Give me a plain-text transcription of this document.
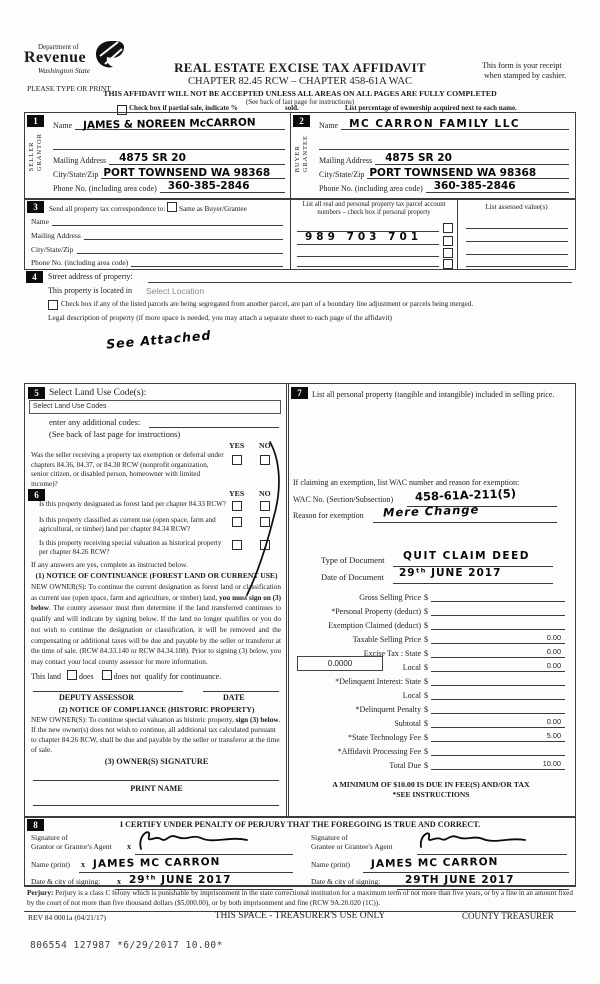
Department of
Revenue
Washington State	REAL ESTATE EXCISE TAX AFFIDAVIT
CHAPTER 82.45 RCW – CHAPTER 458-61A WAC
This form is your receipt
when stamped by cashier.
PLEASE TYPE OR PRINT
THIS AFFIDAVIT WILL NOT BE ACCEPTED UNLESS ALL AREAS ON ALL PAGES ARE FULLY COMPLETED
(See back of last page for instructions)
Check box if partial sale, indicate %	sold.	List percentage of ownership acquired next to each name.
1
SELLER GRANTOR
Name JAMES & NOREEN McCARRON
Mailing Address 4875 SR 20
City/State/Zip PORT TOWNSEND WA 98368
Phone No. (including area code) 360-385-2846
2
BUYER GRANTEE
Name MC CARRON FAMILY LLC
Mailing Address 4875 SR 20
City/State/Zip PORT TOWNSEND WA 98368
Phone No. (including area code) 360-385-2846
3	Send all property tax correspondence to: Same as Buyer/Grantee
Name
Mailing Address
City/State/Zip
Phone No. (including area code)
List all real and personal property tax parcel account numbers – check box if personal property
989 703 701
List assessed value(s)
4	Street address of property:
This property is located in Select Location
Check box if any of the listed parcels are being segregated from another parcel, are part of a boundary line adjustment or parcels being merged.
Legal description of property (if more space is needed, you may attach a separate sheet to each page of the affidavit)
See Attached
5	Select Land Use Code(s):
Select Land Use Codes
enter any additional codes:
(See back of last page for instructions)
YES NO
Was the seller receiving a property tax exemption or deferral under chapters 84.36, 84.37, or 84.38 RCW (nonprofit organization, senior citizen, or disabled person, homeowner with limited income)?
6	YES NO
Is this property designated as forest land per chapter 84.33 RCW?
Is this property classified as current use (open space, farm and agricultural, or timber) land per chapter 84.34 RCW?
Is this property receiving special valuation as historical property per chapter 84.26 RCW?
If any answers are yes, complete as instructed below.
(1) NOTICE OF CONTINUANCE (FOREST LAND OR CURRENT USE)

NEW OWNER(S): To continue the current designation as forest land or classification as current use (open space, farm and agriculture, or timber) land, you must sign on (3) below. The county assessor must then determine if the land transferred continues to qualify and will indicate by signing below. If the land no longer qualifies or you do not wish to continue the designation or classification, it will be removed and the compensating or additional taxes will be due and payable by the seller or transferor at the time of sale. (RCW 84.33.140 or RCW 84.34.108). Prior to signing (3) below, you may contact your local county assessor for more information.

This land does	does not qualify for continuance.
DEPUTY ASSESSOR	DATE
(2) NOTICE OF COMPLIANCE (HISTORIC PROPERTY)

NEW OWNER(S): To continue special valuation as historic property, sign (3) below. If the new owner(s) does not wish to continue, all additional tax calculated pursuant to chapter 84.26 RCW, shall be due and payable by the seller or transferor at the time of sale.

(3) OWNER(S) SIGNATURE
PRINT NAME
7	List all personal property (tangible and intangible) included in selling price.
If claiming an exemption, list WAC number and reason for exemption:
WAC No. (Section/Subsection) 458-61A-211(5)
Reason for exemption Mere Change
Type of Document QUIT CLAIM DEED
Date of Document 29ᵗʰ JUNE 2017
Gross Selling Price $
*Personal Property (deduct) $
Exemption Claimed (deduct) $
Taxable Selling Price $	0.00
Excise Tax : State $	0.00
0.0000	Local $	0.00
*Delinquent Interest: State $
Local $
*Delinquent Penalty $
Subtotal $	0.00
*State Technology Fee $	5.00
*Affidavit Processing Fee $
Total Due $	10.00
A MINIMUM OF $10.00 IS DUE IN FEE(S) AND/OR TAX
*SEE INSTRUCTIONS
8	I CERTIFY UNDER PENALTY OF PERJURY THAT THE FOREGOING IS TRUE AND CORRECT.
Signature of
Grantor or Grantor's Agent x
Name (print) x JAMES MC CARRON
Date & city of signing: x 29ᵗʰ JUNE 2017
Signature of
Grantee or Grantee's Agent
Name (print) JAMES MC CARRON
Date & city of signing: 29TH JUNE 2017

Perjury: Perjury is a class C felony which is punishable by imprisonment in the state correctional institution for a maximum term of not more than five years, or by a fine in an amount fixed by the court of not more than five thousand dollars ($5,000.00), or by both imprisonment and fine (RCW 9A.20.020 (1C)).

REV 84 0001a (04/21/17)	THIS SPACE - TREASURER'S USE ONLY	COUNTY TREASURER
806554 127987 *6/29/2017 10.00*
